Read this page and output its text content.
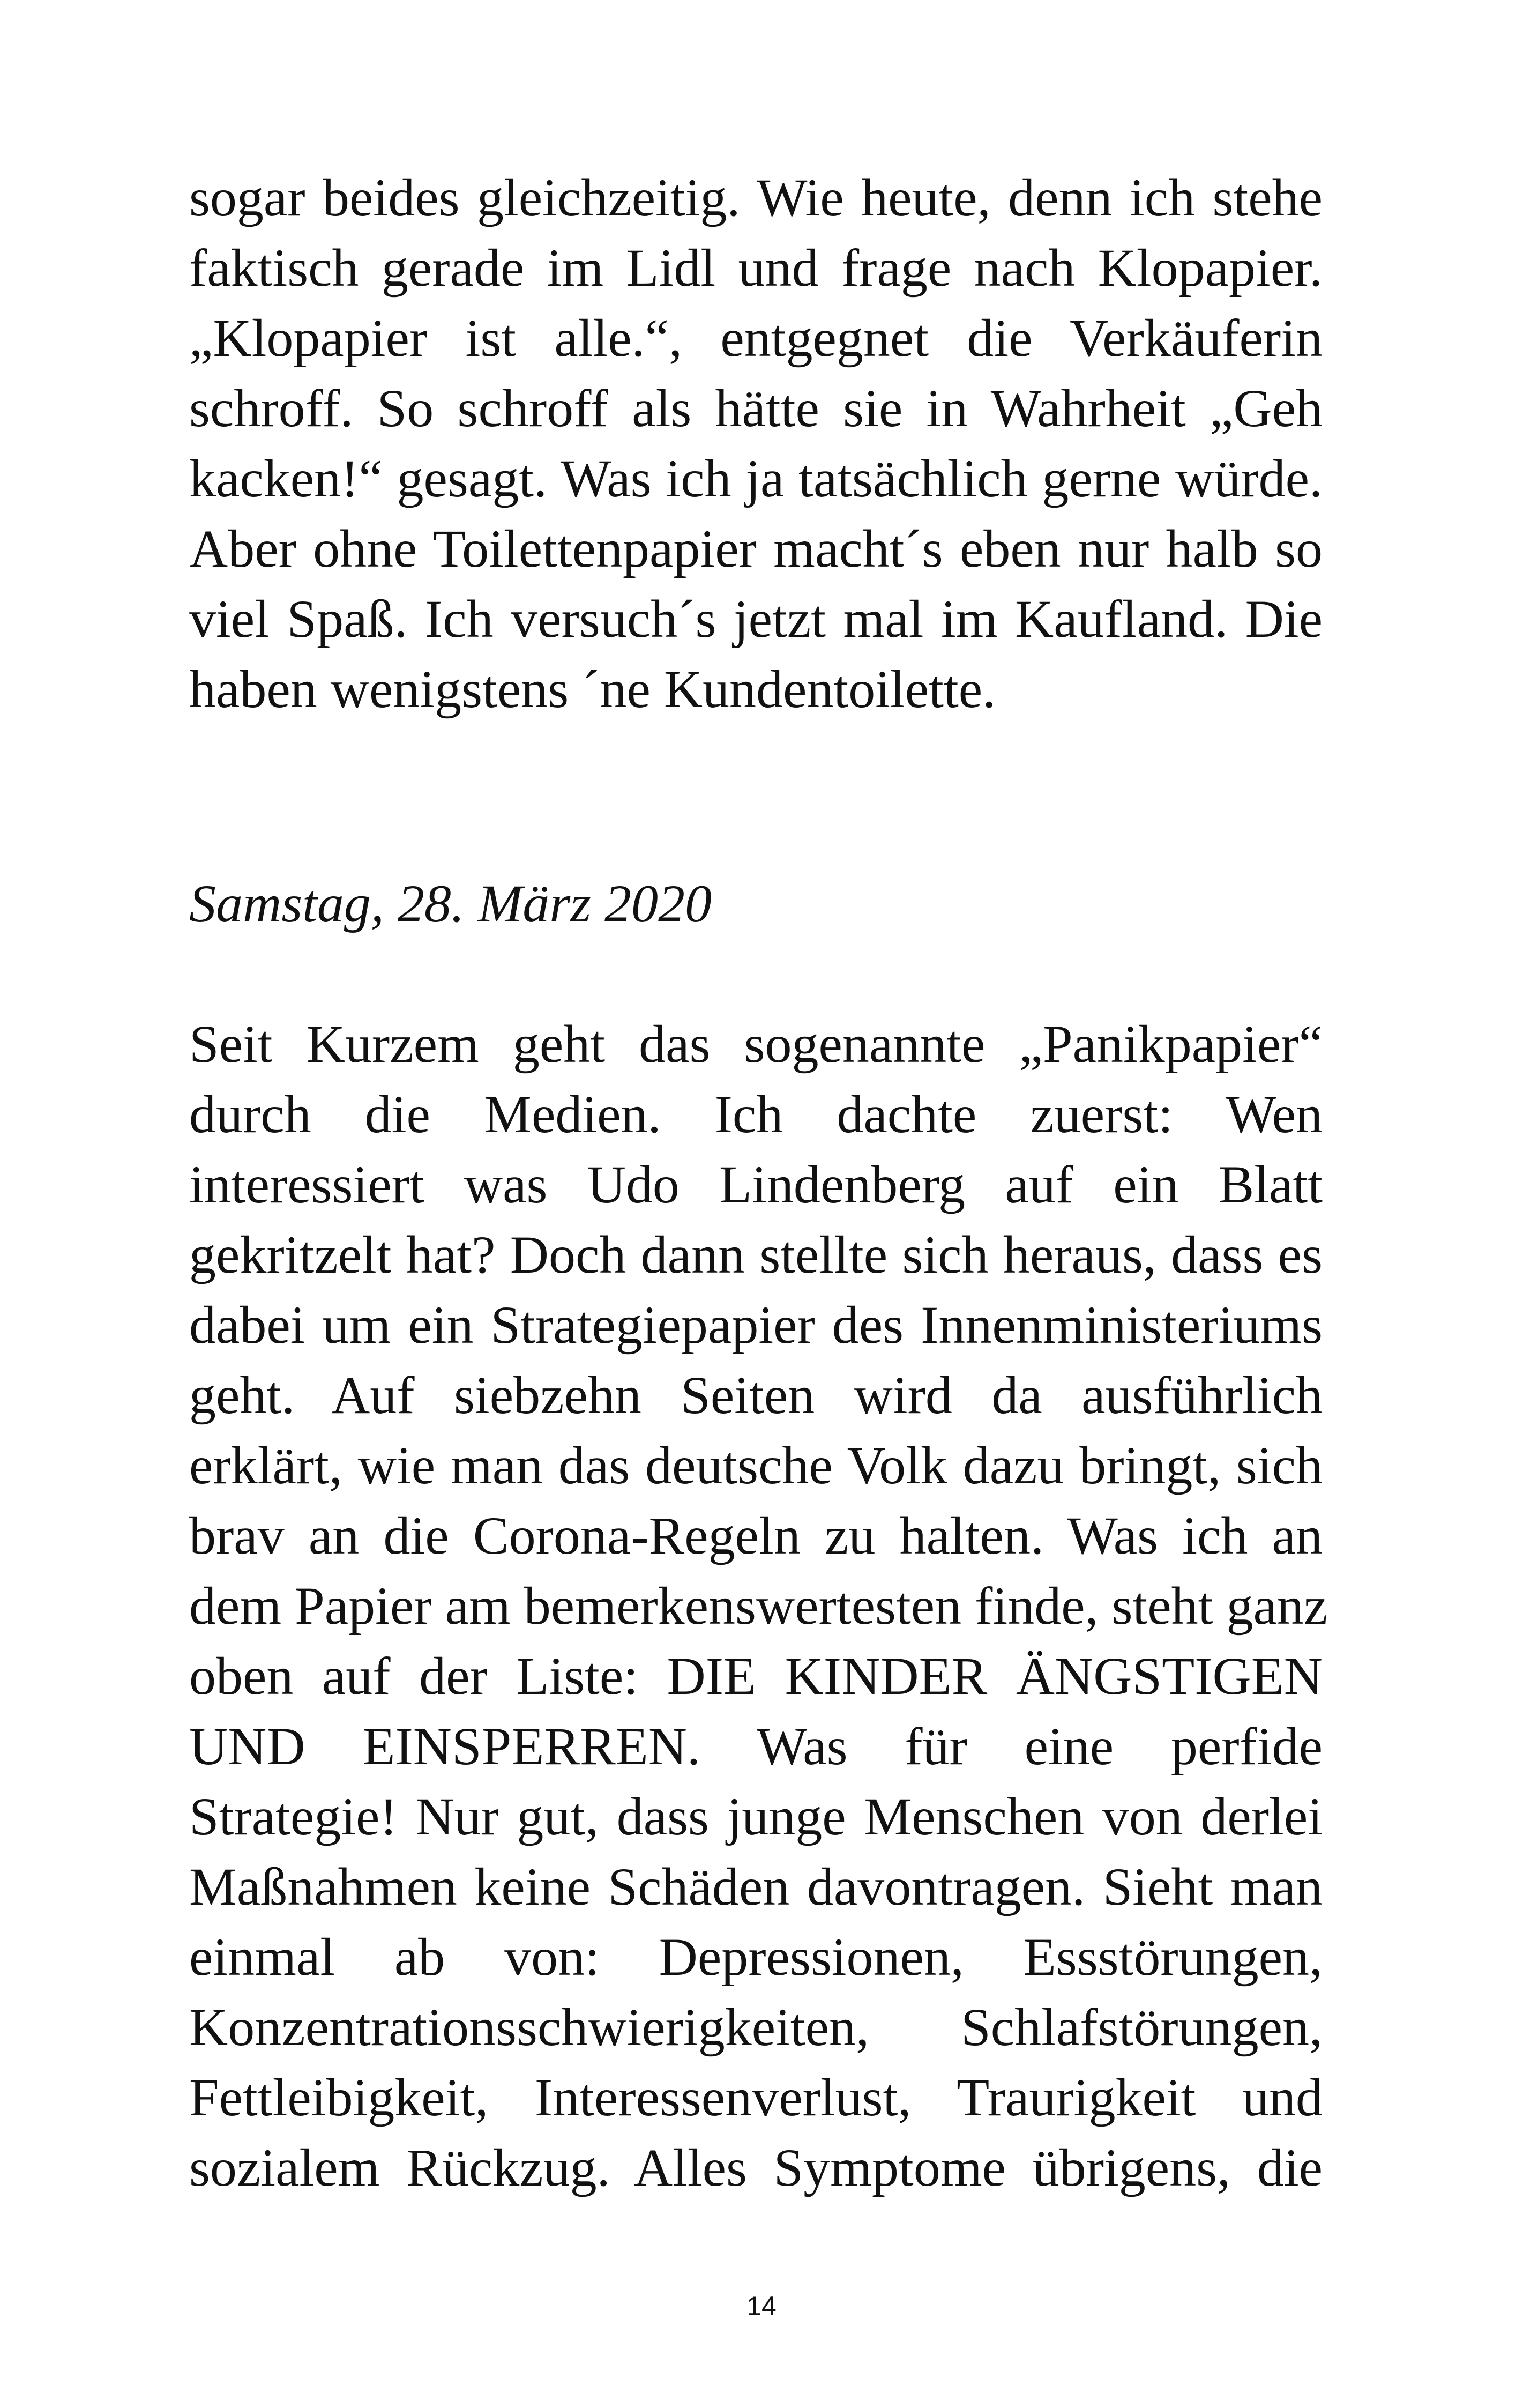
sogar beides gleichzeitig. Wie heute, denn ich stehe
faktisch gerade im Lidl und frage nach Klopapier.
„Klopapier ist alle.“, entgegnet die Verkäuferin
schroff. So schroff als hätte sie in Wahrheit „Geh
kacken!“ gesagt. Was ich ja tatsächlich gerne würde.
Aber ohne Toilettenpapier macht´s eben nur halb so
viel Spaß. Ich versuch´s jetzt mal im Kaufland. Die
haben wenigstens ´ne Kundentoilette.
Samstag, 28. März 2020
Seit Kurzem geht das sogenannte „Panikpapier“
durch die Medien. Ich dachte zuerst: Wen
interessiert was Udo Lindenberg auf ein Blatt
gekritzelt hat? Doch dann stellte sich heraus, dass es
dabei um ein Strategiepapier des Innenministeriums
geht. Auf siebzehn Seiten wird da ausführlich
erklärt, wie man das deutsche Volk dazu bringt, sich
brav an die Corona-Regeln zu halten. Was ich an
dem Papier am bemerkenswertesten finde, steht ganz
oben auf der Liste: DIE KINDER ÄNGSTIGEN
UND EINSPERREN. Was für eine perfide
Strategie! Nur gut, dass junge Menschen von derlei
Maßnahmen keine Schäden davontragen. Sieht man
einmal ab von: Depressionen, Essstörungen,
Konzentrationsschwierigkeiten, Schlafstörungen,
Fettleibigkeit, Interessenverlust, Traurigkeit und
sozialem Rückzug. Alles Symptome übrigens, die
14
